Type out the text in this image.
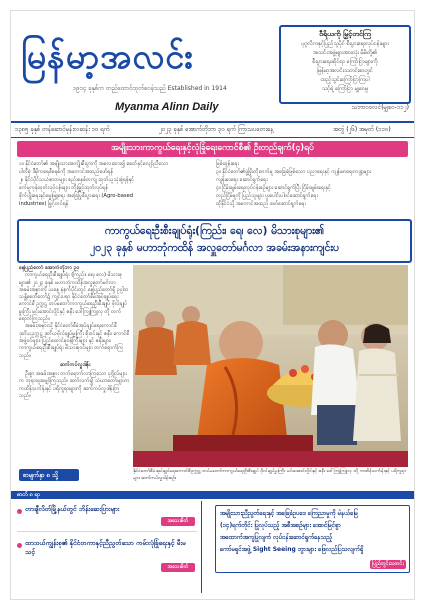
မြန်မာ့အလင်း
၁၉၁၄ ခုနှစ်က တည်ထောင်ထုတ်ဝေခဲ့သည် Established in 1914
Myanma Alinn Daily
ဝီရိယကို မြှင့်တင်ကြ
ပုဂ္ဂလိကနှင့်ပြည်သူပိုင် စီးပွားရေးလုပ်ငန်းများ
အသင်းအဖွဲ့များအားလုံး မိမိတို့၏
စီးပွားရေးဆိုင်ရာ ကြော်ငြာများကို
မြန်မာ့အလင်းသတင်းစာတွင်
ထည့်သွင်းကြော်ငြာကြပါ
သင့်ရဲ့ ကြော်ငြာ မျှဝေမှု
သဘာဝ၀လင်(မျှဝေ-၁၁၂)
၁၃၈၅ ခုနှစ် တန်ဆောင်မုန်းလဆန်း ၁၀ ရက်	၂၀၂၃ ခုနှစ် အောက်တိုဘာ ၃၀ ရက် ကြာသပတေးနေ့	အတွဲ (၂၆) အမှတ် (၁၁၀)
အမျိုးသားကာကွယ်ရေးနှင့်လုံခြုံရေးကောင်စီ၏ ဦးတည်ချက်(၄)ရပ်

၁။ နိုင်ငံတော်၏ အမျိုးသားအကျိုးစီးပွားကို အလေးထား၍ ခေတ်နှင့်လျော်ညီသော

ပါတီစုံ ဒီမိုကရေစီစနစ်ကို အကောင်အထည်ဖော်ရန်

၂။ နိုင်ငံပိုင်သယံဇာတများ စည်းစနစ်တကျ ထုတ်ယူသုံးစွဲရန်နှင့်

စက်မှုကုန်ထုတ်လုပ်ငန်းများ တိုးမြှင့်ထုတ်လုပ်ရန်

စိုက်ပျိုးရေးနှင့်မွေးမြူရေး အခြေပြုစီးပွားရေး (Agro-based

industries) မြှင့်တင်ရန်

ဖြစ်ထွန်းရေး

၃။ နိုင်ငံတော်၏ဖွံ့ဖြိုးတိုးတက်မှု အခြေခံဖြစ်သော ပညာရေးနှင့် ကျန်းမာရေးကဏ္ဍများ

ကျန်းမာရေး ဆောင်ရွက်ရေး

၄။ ငြိမ်းချမ်းရေးလုပ်ငန်းစဉ်များ ဆောင်ရွက်ပြီး ငြိမ်းချမ်းရေးနှင့်

တည်ငြိမ်မှုကို ပြည်သူများ ပူးပေါင်းပါဝင်ဆောင်ရွက်ရေး

ထိုနိုင်ငံသို့ အကောင်အထည် ဖော်ဆောင်ရွက်ရေး

ကာကွယ်ရေးဦးစီးချုပ်ရုံး(ကြည်း၊ ရေ၊ လေ) မိသားစုများ၏
၂၀၂၃ ခုနှစ် မဟာဘုံကထိန် အလှူတော်မင်္ဂလာ အခမ်းအနားကျင်းပ

နေပြည်တော် အောက်တိုဘာ ၃၀

ကာကွယ်ရေးဦးစီးချုပ်ရုံး (ကြည်း၊ ရေ၊ လေ) မိသားစုများ၏ ၂၀၂၃ ခုနှစ် မဟာဘုံကထိန်အလှူတော်မင်္ဂလာ အခမ်းအနားကို ယနေ့ နံနက်ပိုင်းတွင် နေပြည်တော်ရှိ ဥပ္ပါတသန္တိစေတီတော်၌ ကျင်းပရာ နိုင်ငံတော်စီမံအုပ်ချုပ်ရေးကောင်စီ ဥက္ကဋ္ဌ တပ်မတော်ကာကွယ်ရေးဦးစီးချုပ် ဗိုလ်ချုပ်မှူးကြီး မင်းအောင်လှိုင်နှင့် ဇနီး ဒေါ်ကြူကြူလှ တို့ တက်ရောက်ကြသည်။

အခမ်းအနားသို့ နိုင်ငံတော်စီမံအုပ်ချုပ်ရေးကောင်စီ ဒုတိယဥက္ကဋ္ဌ ဒုတိယဗိုလ်ချုပ်မှူးကြီး စိုးဝင်းနှင့် ဇနီး၊ ကောင်စီအဖွဲ့ဝင်များ၊ ပြည်ထောင်စုဝန်ကြီးများ နှင့် ဇနီးများ၊ ကာကွယ်ရေးဦးစီးချုပ်ရုံး မိသားစုဝင်များ တက်ရောက်ကြသည်။

ဆက်ကပ်လှူဒါန်း

ဦးစွာ အခမ်းအနား တက်ရောက်လာကြသော ပုဂ္ဂိုလ်များက ဘုရားဖူးမျှော်ကြသည်။ ဆက်လက်၍ သံဃာတော်များက ကထိန်သင်္ကန်းနှင့် ပရိက္ခရာများကို ဆက်ကပ်လှူဒါန်းကြသည်။

နိုင်ငံတော်စီမံအုပ်ချုပ်ရေးကောင်စီဥက္ကဋ္ဌ တပ်မတော်ကာကွယ်ရေးဦးစီးချုပ် ဗိုလ်ချုပ်မှူးကြီး မင်းအောင်လှိုင်နှင့် ဇနီး ဒေါ်ကြူကြူလှ တို့ ကထိန်သင်္ကန်းနှင့် ပရိက္ခရာများ ဆက်ကပ်လှူဒါန်းစဉ်။
စာမျက်နှာ ၈ သို့
ဓာတ် ၈ ရာ
တာချီလိတ်မြို့နယ်တွင် ဘိန်းဆေးပြားများ
အသေးစိတ်
ထားဝယ်ကျွန်းစု၏ နိုင်ငံတကာနှင့်ညီညွတ်သော ကမ်းလုံခြုံရေးနှင့် မီးမသင့်
အသေးစိတ်

အမျိုးသားညီညွတ်ရေးနှင့် အခြေခံဥပဒေ ကြေညာမှုကို မဲနယ်မြေ

(၁၄)ရက်တိုင်း ပြုလုပ်သည့် အစီအစဉ်များ အောင်မြင်စွာ

အထောက်အကူပြုလျက် လုပ်ငန်းဆောင်ရွက်နေသည့်

ကော်မရှင်အဖွဲ့ Sight Seeing ဘွားများ ဖြေလည်ပြသလျက်ရှိ

ပြည်တွင်းသတင်း
